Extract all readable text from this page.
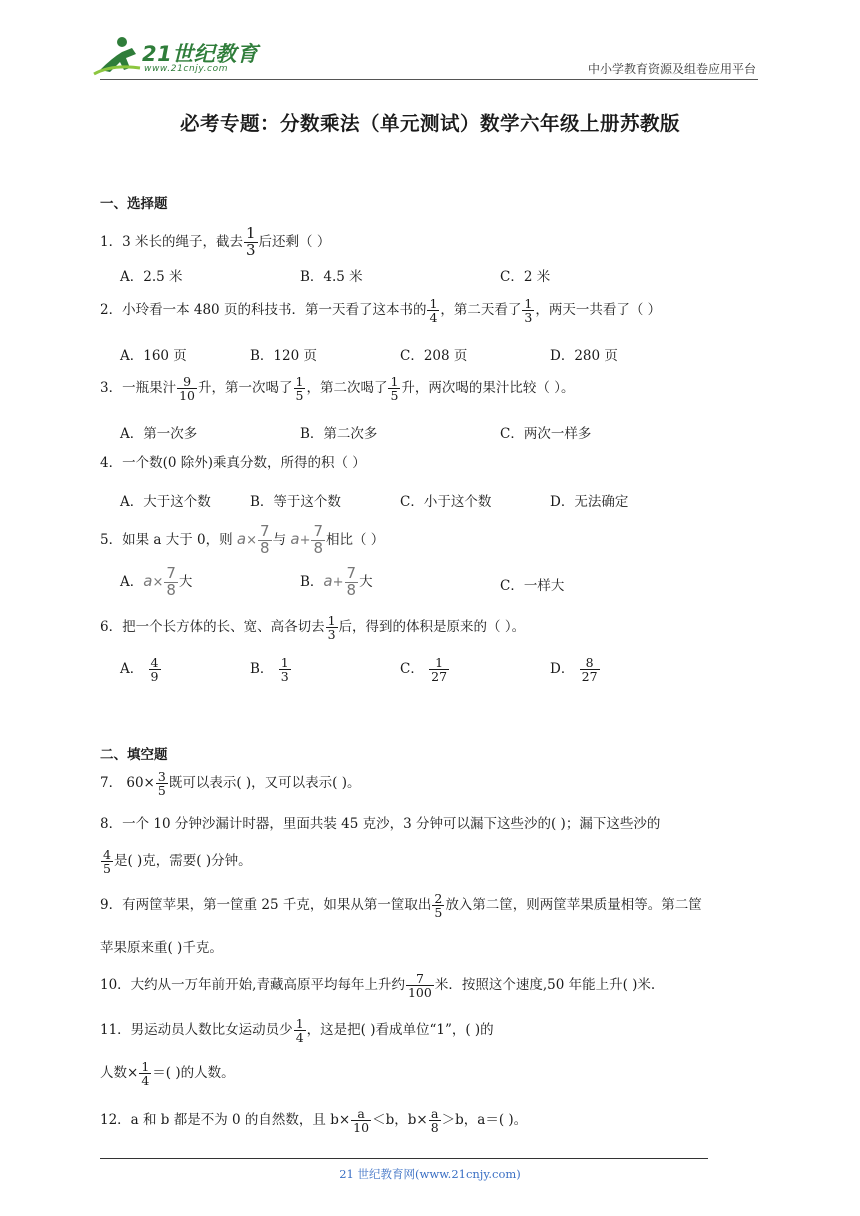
21世纪教育
www.21cnjy.com	中小学教育资源及组卷应用平台
必考专题：分数乘法（单元测试）数学六年级上册苏教版
一、选择题
1．3 米长的绳子，截去 $\frac{1}{3}$ 后还剩（ ）
A．2.5 米	B．4.5 米	C．2 米
2．小玲看一本 480 页的科技书．第一天看了这本书的 $\frac{1}{4}$ ，第二天看了 $\frac{1}{3}$ ，两天一共看了（ ）
A．160 页	B．120 页	C．208 页	D．280 页
3．一瓶果汁 $\frac{9}{10}$ 升，第一次喝了 $\frac{1}{5}$ ，第二次喝了 $\frac{1}{5}$ 升，两次喝的果汁比较（ ）。
A．第一次多	B．第二次多	C．两次一样多
4．一个数(0 除外)乘真分数，所得的积（ ）
A．大于这个数	B．等于这个数	C．小于这个数	D．无法确定
5．如果 a 大于 0，则 $a\times \frac{7}{8}$ 与 $a+ \frac{7}{8}$ 相比（ ）
A．$a\times \frac{7}{8}$ 大	B．$a+ \frac{7}{8}$ 大	C．一样大
6．把一个长方体的长、宽、高各切去 $\frac{1}{3}$ 后，得到的体积是原来的（ ）。
A． $\frac{4}{9}$	B． $\frac{1}{3}$	C． $\frac{1}{27}$	D． $\frac{8}{27}$
二、填空题
7． $60\times \frac{3}{5}$ 既可以表示( )，又可以表示( )。
8．一个 10 分钟沙漏计时器，里面共装 45 克沙，3 分钟可以漏下这些沙的( )；漏下这些沙的
$\frac{4}{5}$ 是( )克，需要( )分钟。
9．有两筐苹果，第一筐重 25 千克，如果从第一筐取出 $\frac{2}{5}$ 放入第二筐，则两筐苹果质量相等。第二筐
苹果原来重( )千克。
10．大约从一万年前开始,青藏高原平均每年上升约 $\frac{7}{100}$ 米．按照这个速度,50 年能上升( )米.
11．男运动员人数比女运动员少 $\frac{1}{4}$ ，这是把( )看成单位“1”，( )的
人数× $\frac{1}{4}$ ＝( )的人数。
12．a 和 b 都是不为 0 的自然数，且 $b\times \frac{a}{10} <b$，$b\times \frac{a}{8} >b$，a＝( )。
21 世纪教育网(www.21cnjy.com)
